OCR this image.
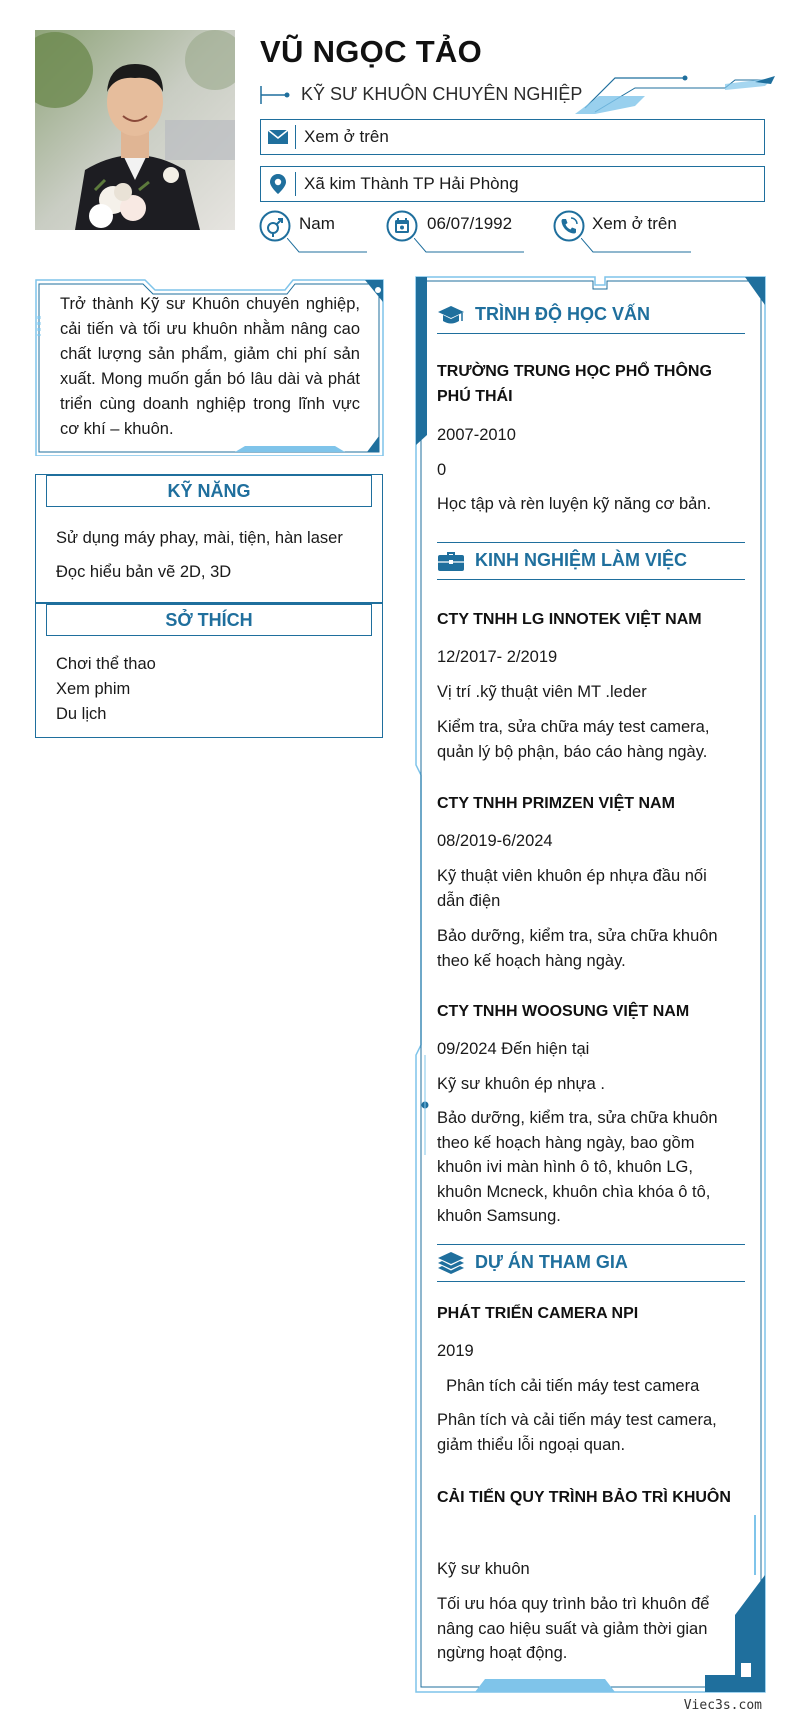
VŨ NGỌC TẢO
KỸ SƯ KHUÔN CHUYÊN NGHIỆP
Xem ở trên
Xã kim Thành TP Hải Phòng
Nam	06/07/1992	Xem ở trên
Trở thành Kỹ sư Khuôn chuyên nghiệp, cải tiến và tối ưu khuôn nhằm nâng cao chất lượng sản phẩm, giảm chi phí sản xuất. Mong muốn gắn bó lâu dài và phát triển cùng doanh nghiệp trong lĩnh vực cơ khí – khuôn.
KỸ NĂNG
Sử dụng máy phay, mài, tiện, hàn laser
Đọc hiểu bản vẽ 2D, 3D
SỞ THÍCH
Chơi thể thao
Xem phim
Du lịch
TRÌNH ĐỘ HỌC VẤN
TRƯỜNG TRUNG HỌC PHỔ THÔNG PHÚ THÁI
2007-2010
0
Học tập và rèn luyện kỹ năng cơ bản.
KINH NGHIỆM LÀM VIỆC
CTY TNHH LG INNOTEK VIỆT NAM
12/2017- 2/2019
Vị trí .kỹ thuật viên MT .leder
Kiểm tra, sửa chữa máy test camera, quản lý bộ phận, báo cáo hàng ngày.
CTY TNHH PRIMZEN VIỆT NAM
08/2019-6/2024
Kỹ thuật viên khuôn ép nhựa đầu nối dẫn điện
Bảo dưỡng, kiểm tra, sửa chữa khuôn theo kế hoạch hàng ngày.
CTY TNHH WOOSUNG VIỆT NAM
09/2024 Đến hiện tại
Kỹ sư khuôn ép nhựa .
Bảo dưỡng, kiểm tra, sửa chữa khuôn theo kế hoạch hàng ngày, bao gồm khuôn ivi màn hình ô tô, khuôn LG, khuôn Mcneck, khuôn chìa khóa ô tô, khuôn Samsung.
DỰ ÁN THAM GIA
PHÁT TRIỂN CAMERA NPI
2019
Phân tích cải tiến máy test camera
Phân tích và cải tiến máy test camera, giảm thiểu lỗi ngoại quan.
CẢI TIẾN QUY TRÌNH BẢO TRÌ KHUÔN
Kỹ sư khuôn
Tối ưu hóa quy trình bảo trì khuôn để nâng cao hiệu suất và giảm thời gian ngừng hoạt động.
Viec3s.com
